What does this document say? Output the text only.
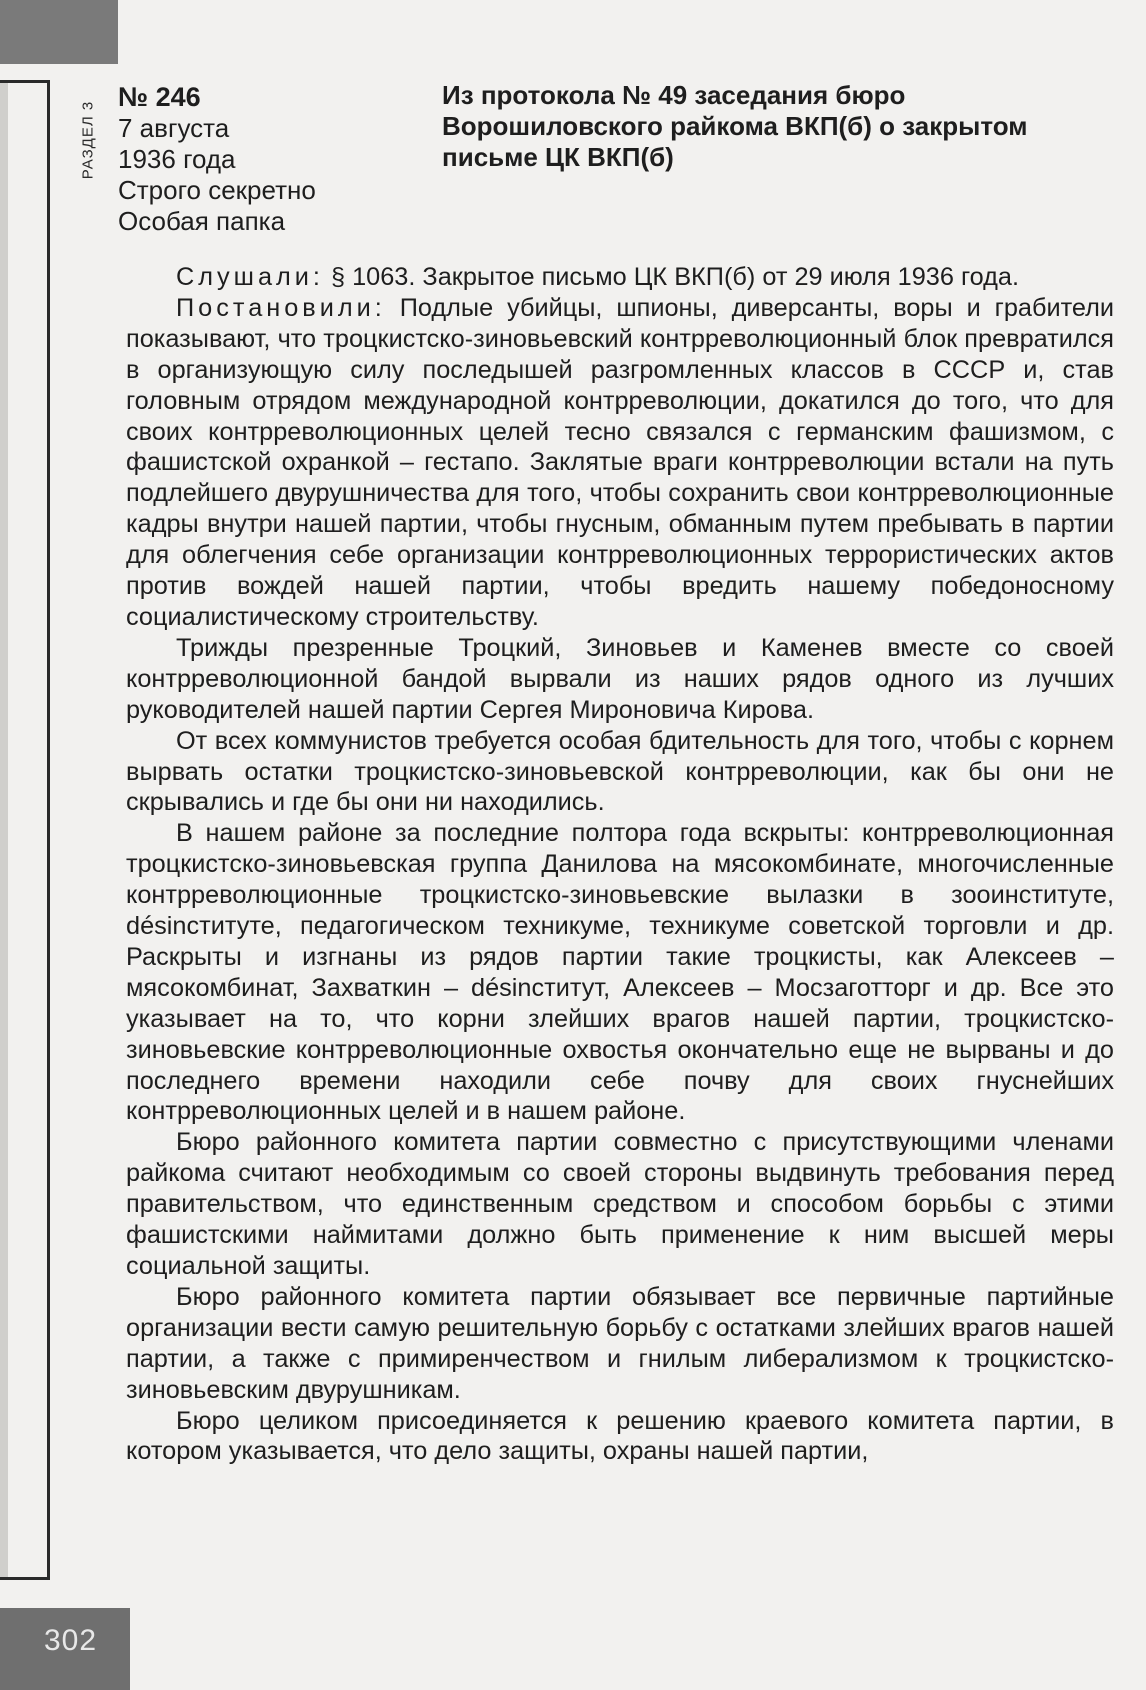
РАЗДЕЛ 3
№ 246
7 августа
1936 года
Строго секретно
Особая папка
Из протокола № 49 заседания бюро Ворошиловского райкома ВКП(б) о закрытом письме ЦК ВКП(б)

Слушали: § 1063. Закрытое письмо ЦК ВКП(б) от 29 июля 1936 года.

Постановили: Подлые убийцы, шпионы, диверсанты, воры и грабители показывают, что троцкистско-зиновьевский контрреволюционный блок превратился в организующую силу последышей разгромленных классов в СССР и, став головным отрядом международной контрреволюции, докатился до того, что для своих контрреволюционных целей тесно связался с германским фашизмом, с фашистской охранкой – гестапо. Заклятые враги контрреволюции встали на путь подлейшего двурушничества для того, чтобы сохранить свои контрреволюционные кадры внутри нашей партии, чтобы гнусным, обманным путем пребывать в партии для облегчения себе организации контрреволюционных террористических актов против вождей нашей партии, чтобы вредить нашему победоносному социалистическому строительству.

Трижды презренные Троцкий, Зиновьев и Каменев вместе со своей контрреволюционной бандой вырвали из наших рядов одного из лучших руководителей нашей партии Сергея Мироновича Кирова.

От всех коммунистов требуется особая бдительность для того, чтобы с корнем вырвать остатки троцкистско-зиновьевской контрреволюции, как бы они не скрывались и где бы они ни находились.

В нашем районе за последние полтора года вскрыты: контрреволюционная троцкистско-зиновьевская группа Данилова на мясокомбинате, многочисленные контрреволюционные троцкистско-зиновьевские вылазки в зооинституте, désinституте, педагогическом техникуме, техникуме советской торговли и др. Раскрыты и изгнаны из рядов партии такие троцкисты, как Алексеев – мясокомбинат, Захваткин – désinститут, Алексеев – Мосзаготторг и др. Все это указывает на то, что корни злейших врагов нашей партии, троцкистско-зиновьевские контрреволюционные охвостья окончательно еще не вырваны и до последнего времени находили себе почву для своих гнуснейших контрреволюционных целей и в нашем районе.

Бюро районного комитета партии совместно с присутствующими членами райкома считают необходимым со своей стороны выдвинуть требования перед правительством, что единственным средством и способом борьбы с этими фашистскими наймитами должно быть применение к ним высшей меры социальной защиты.

Бюро районного комитета партии обязывает все первичные партийные организации вести самую решительную борьбу с остатками злейших врагов нашей партии, а также с примиренчеством и гнилым либерализмом к троцкистско-зиновьевским двурушникам.

Бюро целиком присоединяется к решению краевого комитета партии, в котором указывается, что дело защиты, охраны нашей партии,

302
